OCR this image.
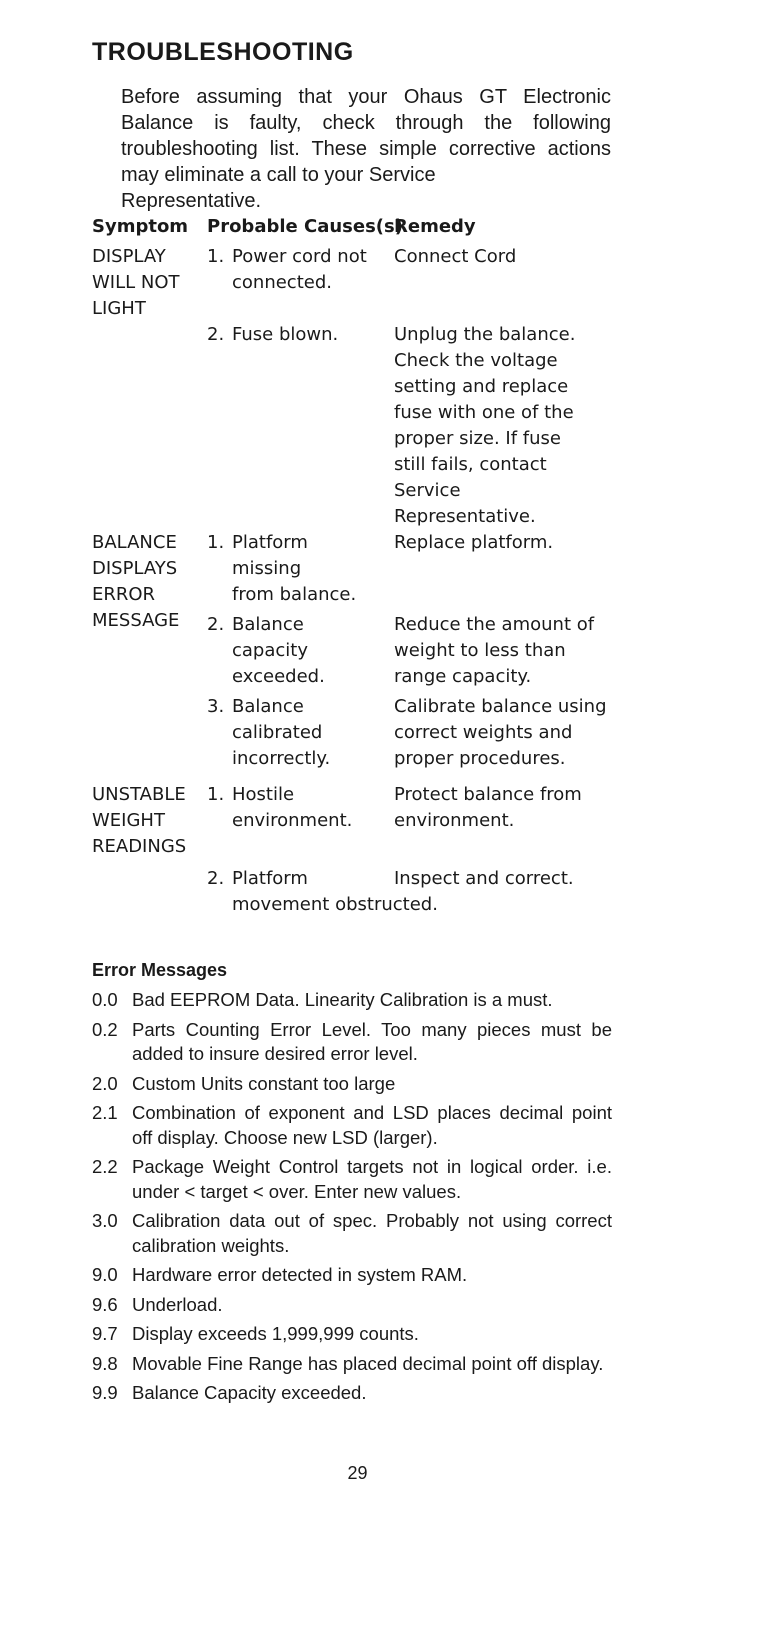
TROUBLESHOOTING
Before assuming that your Ohaus GT Electronic Balance is faulty, check through the following troubleshooting list. These simple corrective actions may eliminate a call to your Service
Representative.
Symptom Probable Causes(s)
Remedy
DISPLAY
WILL NOT
LIGHT
1. Power cord not connected.
Connect Cord
2. Fuse blown.	Unplug the balance. Check the voltage setting and replace fuse with one of the proper size. If fuse still fails, contact Service Representative.
BALANCE
DISPLAYS
ERROR
MESSAGE
1. Platform
missing
from balance.
Replace platform.
2. Balance
capacity
exceeded.
Reduce the amount of weight to less than range capacity.
3. Balance
calibrated
incorrectly.
Calibrate balance using correct weights and proper procedures.
UNSTABLE
WEIGHT
READINGS
1. Hostile
environment.
Protect balance from environment.
2. Platform	Inspect and correct.
movement obstructed.
Error Messages
0.0 Bad EEPROM Data. Linearity Calibration is a must.
0.2 Parts Counting Error Level. Too many pieces must be added to insure desired error level.
2.0 Custom Units constant too large
2.1 Combination of exponent and LSD places decimal point off display. Choose new LSD (larger).
2.2 Package Weight Control targets not in logical order. i.e. under < target < over. Enter new values.
3.0 Calibration data out of spec. Probably not using correct calibration weights.
9.0 Hardware error detected in system RAM.
9.6 Underload.
9.7 Display exceeds 1,999,999 counts.
9.8 Movable Fine Range has placed decimal point off display.
9.9 Balance Capacity exceeded.
29
